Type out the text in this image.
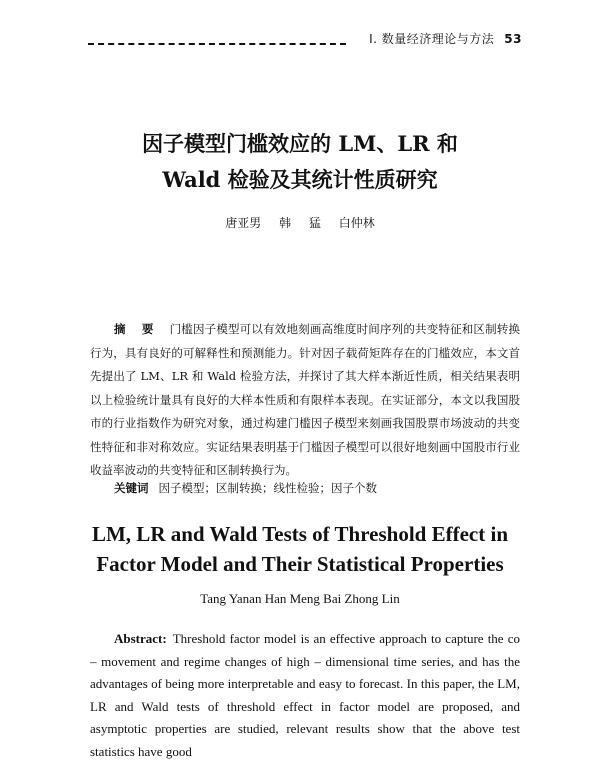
I. 数量经济理论与方法 53
因子模型门槛效应的 LM、LR 和
Wald 检验及其统计性质研究
唐亚男 韩 猛 白仲林
摘 要 门槛因子模型可以有效地刻画高维度时间序列的共变特征和区制转换行为，具有良好的可解释性和预测能力。针对因子载荷矩阵存在的门槛效应，本文首先提出了 LM、LR 和 Wald 检验方法，并探讨了其大样本渐近性质，相关结果表明以上检验统计量具有良好的大样本性质和有限样本表现。在实证部分，本文以我国股市的行业指数作为研究对象，通过构建门槛因子模型来刻画我国股票市场波动的共变性特征和非对称效应。实证结果表明基于门槛因子模型可以很好地刻画中国股市行业收益率波动的共变特征和区制转换行为。
关键词 因子模型；区制转换；线性检验；因子个数
LM, LR and Wald Tests of Threshold Effect in
Factor Model and Their Statistical Properties
Tang Yanan Han Meng Bai Zhong Lin
Abstract: Threshold factor model is an effective approach to capture the co – movement and regime changes of high – dimensional time series, and has the advantages of being more interpretable and easy to forecast. In this paper, the LM, LR and Wald tests of threshold effect in factor model are proposed, and asymptotic properties are studied, relevant results show that the above test statistics have good
